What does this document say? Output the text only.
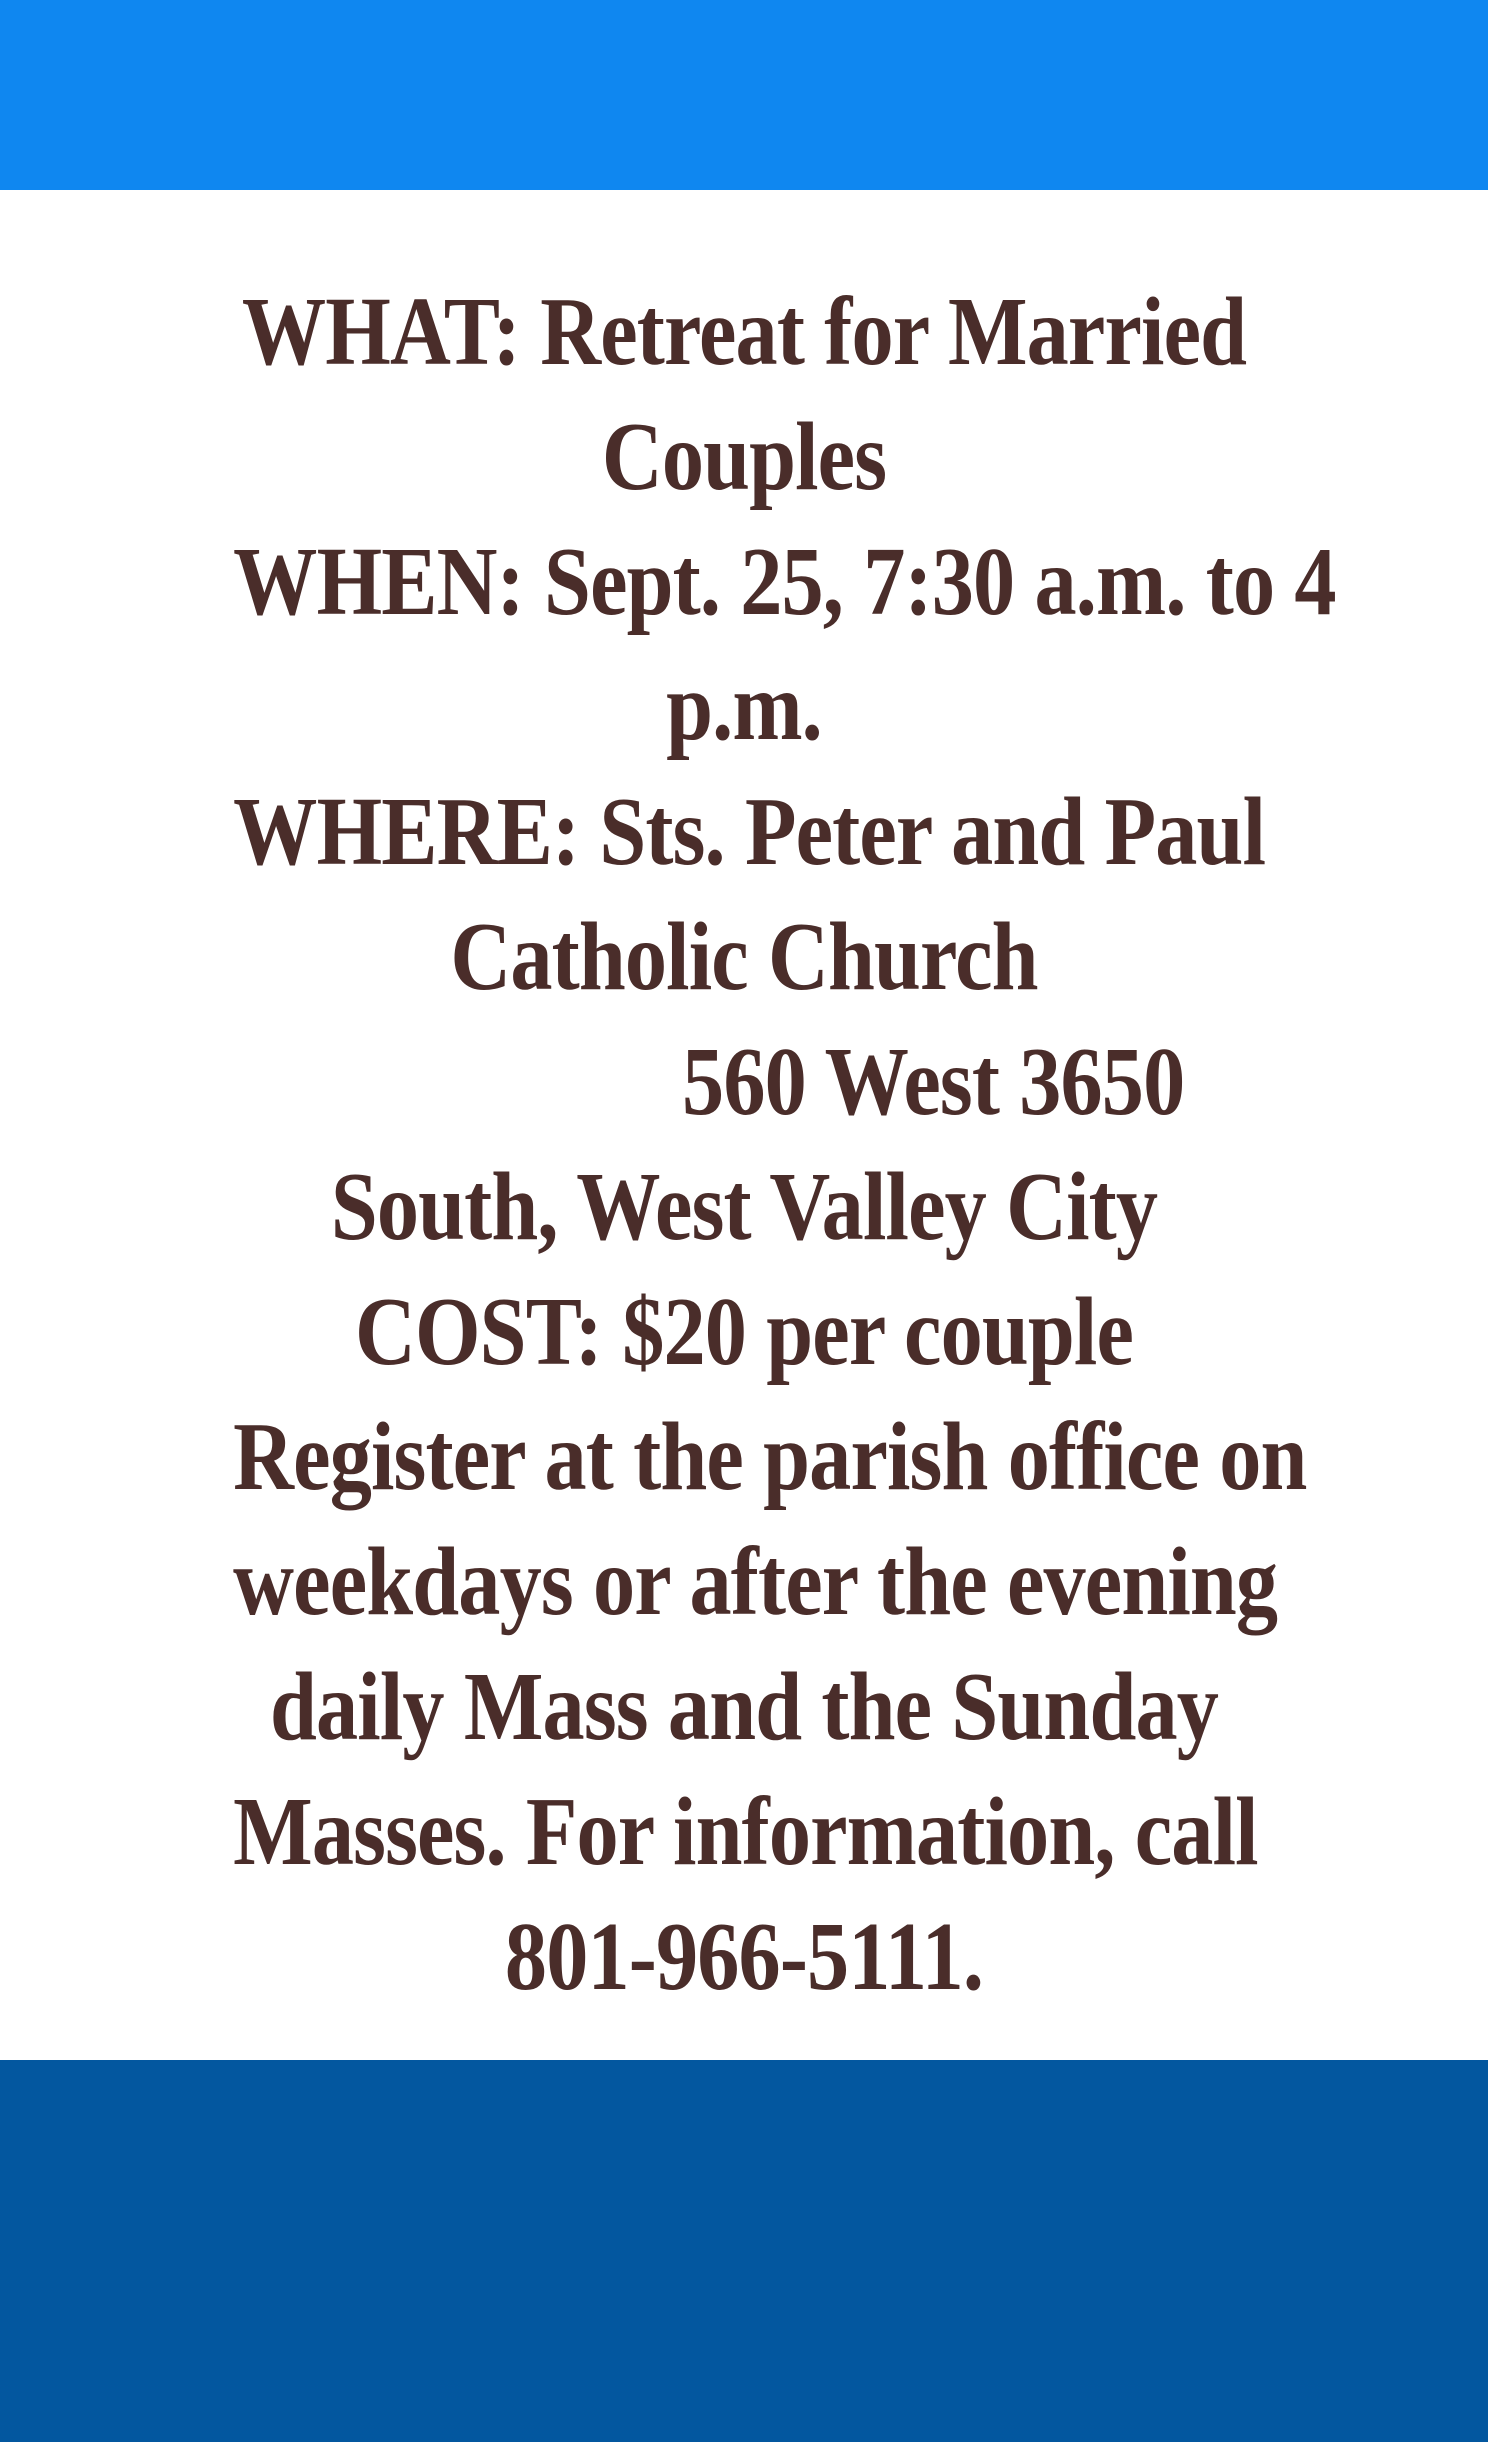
WHAT: Retreat for Married
Couples
WHEN: Sept. 25, 7:30 a.m. to 4
p.m.
WHERE: Sts. Peter and Paul
Catholic Church
560 West 3650
South, West Valley City
COST: $20 per couple
Register at the parish office on
weekdays or after the evening
daily Mass and the Sunday
Masses. For information, call
801-966-5111.
